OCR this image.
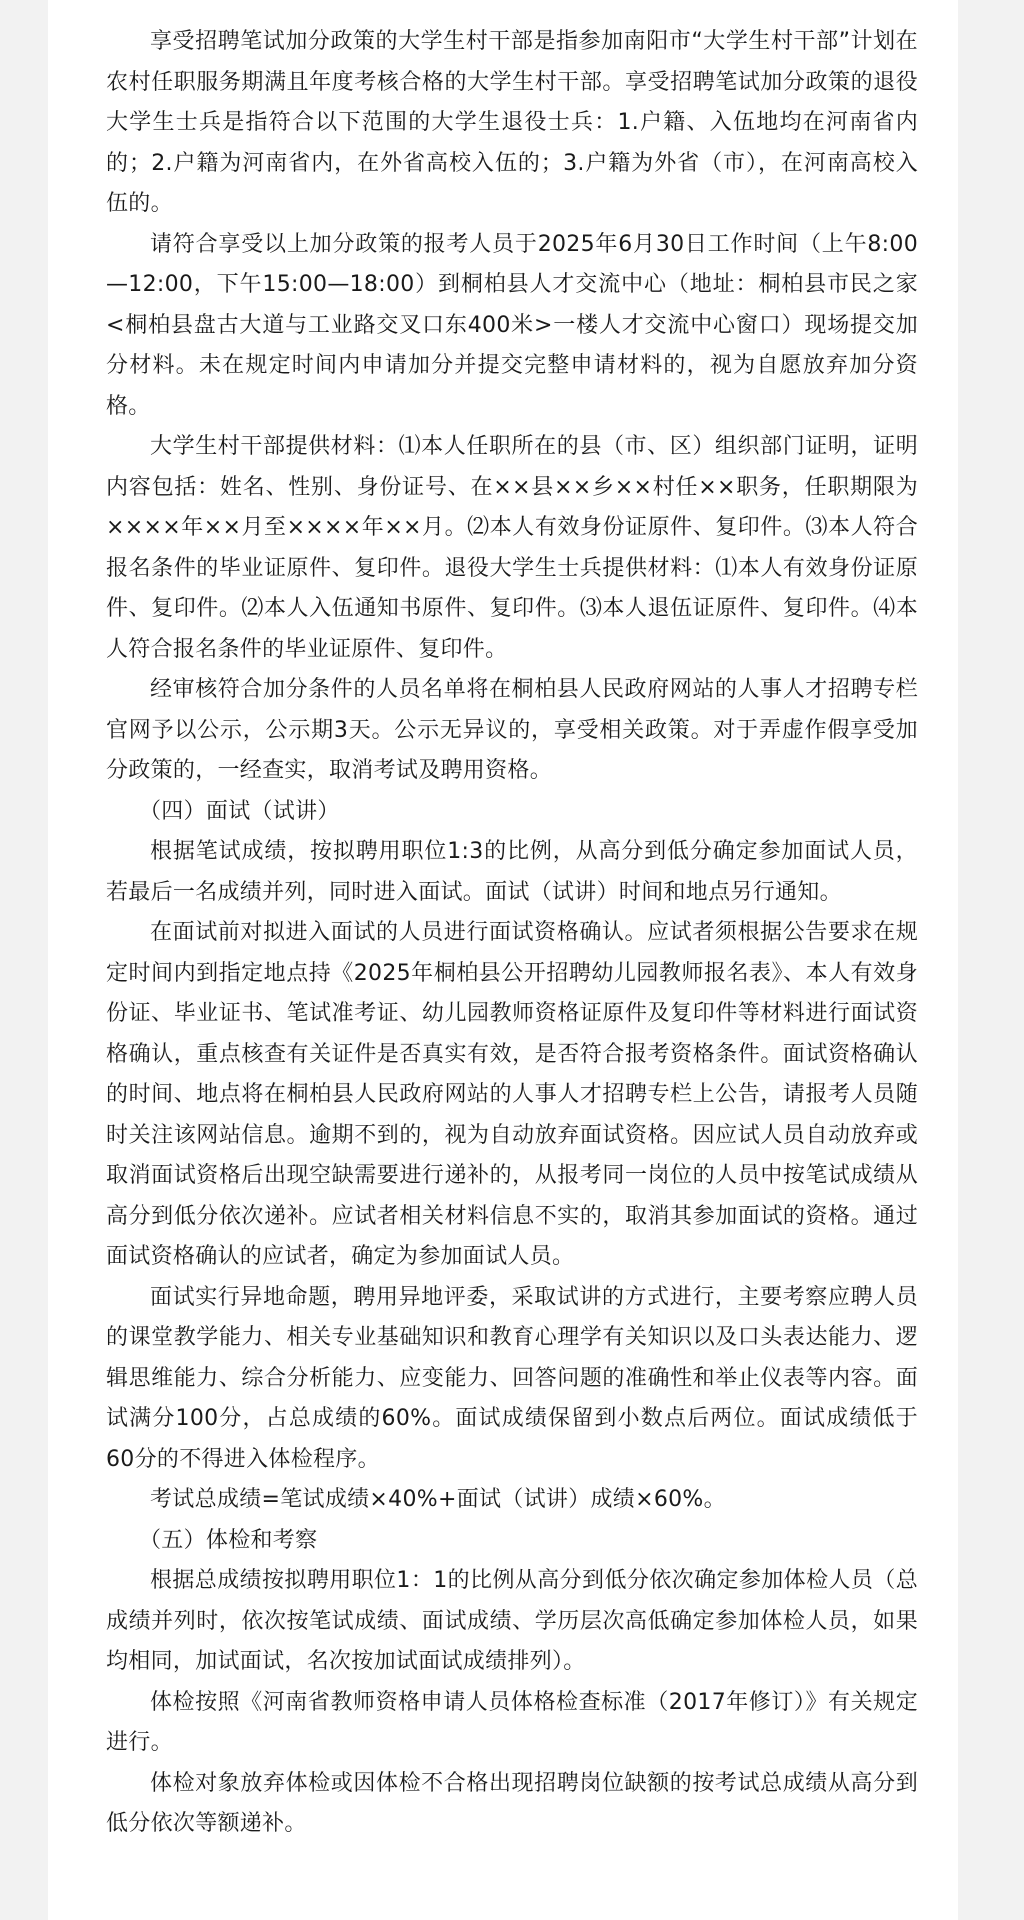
享受招聘笔试加分政策的大学生村干部是指参加南阳市“大学生村干部”计划在农村任职服务期满且年度考核合格的大学生村干部。享受招聘笔试加分政策的退役大学生士兵是指符合以下范围的大学生退役士兵：1.户籍、入伍地均在河南省内的；2.户籍为河南省内，在外省高校入伍的；3.户籍为外省（市），在河南高校入伍的。

请符合享受以上加分政策的报考人员于2025年6月30日工作时间（上午8:00—12:00，下午15:00—18:00）到桐柏县人才交流中心（地址：桐柏县市民之家<桐柏县盘古大道与工业路交叉口东400米>一楼人才交流中心窗口）现场提交加分材料。未在规定时间内申请加分并提交完整申请材料的，视为自愿放弃加分资格。

大学生村干部提供材料：⑴本人任职所在的县（市、区）组织部门证明，证明内容包括：姓名、性别、身份证号、在××县××乡××村任××职务，任职期限为××××年××月至××××年××月。⑵本人有效身份证原件、复印件。⑶本人符合报名条件的毕业证原件、复印件。退役大学生士兵提供材料：⑴本人有效身份证原件、复印件。⑵本人入伍通知书原件、复印件。⑶本人退伍证原件、复印件。⑷本人符合报名条件的毕业证原件、复印件。

经审核符合加分条件的人员名单将在桐柏县人民政府网站的人事人才招聘专栏官网予以公示，公示期3天。公示无异议的，享受相关政策。对于弄虚作假享受加分政策的，一经查实，取消考试及聘用资格。

（四）面试（试讲）

根据笔试成绩，按拟聘用职位1:3的比例，从高分到低分确定参加面试人员，若最后一名成绩并列，同时进入面试。面试（试讲）时间和地点另行通知。

在面试前对拟进入面试的人员进行面试资格确认。应试者须根据公告要求在规定时间内到指定地点持《2025年桐柏县公开招聘幼儿园教师报名表》、本人有效身份证、毕业证书、笔试准考证、幼儿园教师资格证原件及复印件等材料进行面试资格确认，重点核查有关证件是否真实有效，是否符合报考资格条件。面试资格确认的时间、地点将在桐柏县人民政府网站的人事人才招聘专栏上公告，请报考人员随时关注该网站信息。逾期不到的，视为自动放弃面试资格。因应试人员自动放弃或取消面试资格后出现空缺需要进行递补的，从报考同一岗位的人员中按笔试成绩从高分到低分依次递补。应试者相关材料信息不实的，取消其参加面试的资格。通过面试资格确认的应试者，确定为参加面试人员。

面试实行异地命题，聘用异地评委，采取试讲的方式进行，主要考察应聘人员的课堂教学能力、相关专业基础知识和教育心理学有关知识以及口头表达能力、逻辑思维能力、综合分析能力、应变能力、回答问题的准确性和举止仪表等内容。面试满分100分，占总成绩的60%。面试成绩保留到小数点后两位。面试成绩低于60分的不得进入体检程序。

考试总成绩=笔试成绩×40%+面试（试讲）成绩×60%。

（五）体检和考察

根据总成绩按拟聘用职位1：1的比例从高分到低分依次确定参加体检人员（总成绩并列时，依次按笔试成绩、面试成绩、学历层次高低确定参加体检人员，如果均相同，加试面试，名次按加试面试成绩排列）。

体检按照《河南省教师资格申请人员体格检查标准（2017年修订）》有关规定进行。

体检对象放弃体检或因体检不合格出现招聘岗位缺额的按考试总成绩从高分到低分依次等额递补。
